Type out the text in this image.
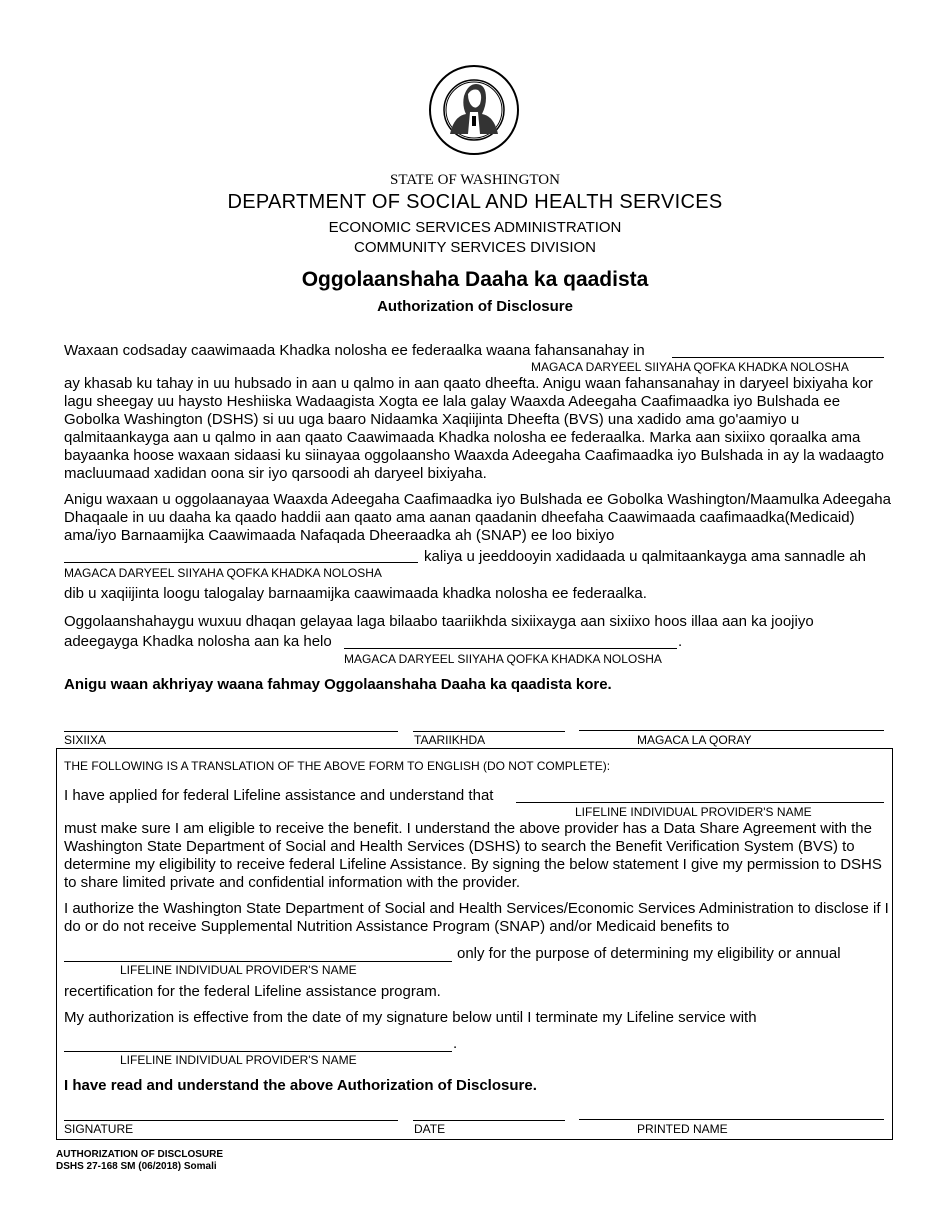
STATE OF WASHINGTON
DEPARTMENT OF SOCIAL AND HEALTH SERVICES
ECONOMIC SERVICES ADMINISTRATION
COMMUNITY SERVICES DIVISION
Oggolaanshaha Daaha ka qaadista
Authorization of Disclosure
Waxaan codsaday caawimaada Khadka nolosha ee federaalka waana fahansanahay in
MAGACA DARYEEL SIIYAHA QOFKA KHADKA NOLOSHA
ay khasab ku tahay in uu hubsado in aan u qalmo in aan qaato dheefta. Anigu waan fahansanahay in daryeel bixiyaha kor lagu sheegay uu haysto Heshiiska Wadaagista Xogta ee lala galay Waaxda Adeegaha Caafimaadka iyo Bulshada ee Gobolka Washington (DSHS) si uu uga baaro Nidaamka Xaqiijinta Dheefta (BVS) una xadido ama go'aamiyo u qalmitaankayga aan u qalmo in aan qaato Caawimaada Khadka nolosha ee federaalka. Marka aan sixiixo qoraalka ama bayaanka hoose waxaan sidaasi ku siinayaa oggolaansho Waaxda Adeegaha Caafimaadka iyo Bulshada in ay la wadaagto macluumaad xadidan oona sir iyo qarsoodi ah daryeel bixiyaha.
Anigu waxaan u oggolaanayaa Waaxda Adeegaha Caafimaadka iyo Bulshada ee Gobolka Washington/Maamulka Adeegaha Dhaqaale in uu daaha ka qaado haddii aan qaato ama aanan qaadanin dheefaha Caawimaada caafimaadka(Medicaid) ama/iyo Barnaamijka Caawimaada Nafaqada Dheeraadka ah (SNAP) ee loo bixiyo
kaliya u jeeddooyin xadidaada u qalmitaankayga ama sannadle ah
MAGACA DARYEEL SIIYAHA QOFKA KHADKA NOLOSHA
dib u xaqiijinta loogu talogalay barnaamijka caawimaada khadka nolosha ee federaalka.
Oggolaanshahaygu wuxuu dhaqan gelayaa laga bilaabo taariikhda sixiixayga aan sixiixo hoos illaa aan ka joojiyo
adeegayga Khadka nolosha aan ka helo	.
MAGACA DARYEEL SIIYAHA QOFKA KHADKA NOLOSHA
Anigu waan akhriyay waana fahmay Oggolaanshaha Daaha ka qaadista kore.
SIXIIXA	TAARIIKHDA	MAGACA LA QORAY
THE FOLLOWING IS A TRANSLATION OF THE ABOVE FORM TO ENGLISH (DO NOT COMPLETE):
I have applied for federal Lifeline assistance and understand that
LIFELINE INDIVIDUAL PROVIDER'S NAME
must make sure I am eligible to receive the benefit. I understand the above provider has a Data Share Agreement with the Washington State Department of Social and Health Services (DSHS) to search the Benefit Verification System (BVS) to determine my eligibility to receive federal Lifeline Assistance. By signing the below statement I give my permission to DSHS to share limited private and confidential information with the provider.
I authorize the Washington State Department of Social and Health Services/Economic Services Administration to disclose if I do or do not receive Supplemental Nutrition Assistance Program (SNAP) and/or Medicaid benefits to
only for the purpose of determining my eligibility or annual
LIFELINE INDIVIDUAL PROVIDER'S NAME
recertification for the federal Lifeline assistance program.
My authorization is effective from the date of my signature below until I terminate my Lifeline service with
.
LIFELINE INDIVIDUAL PROVIDER'S NAME
I have read and understand the above Authorization of Disclosure.
SIGNATURE	DATE	PRINTED NAME
AUTHORIZATION OF DISCLOSURE
DSHS 27-168 SM (06/2018) Somali
